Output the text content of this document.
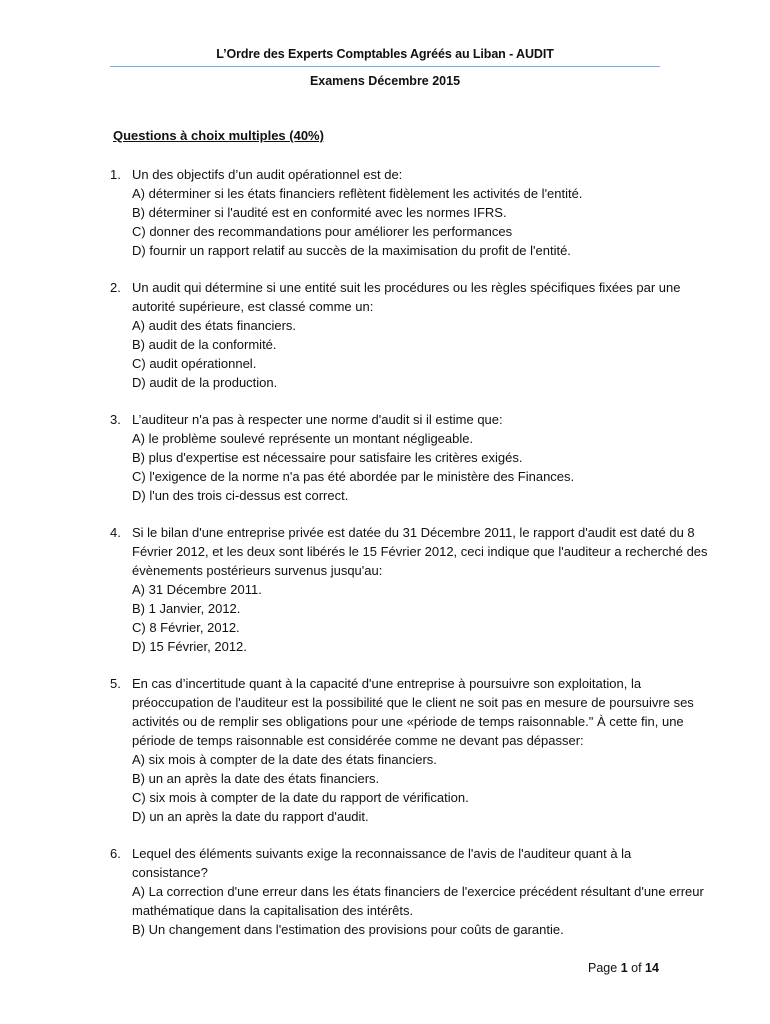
L’Ordre des Experts Comptables Agréés au Liban - AUDIT
Examens Décembre 2015
Questions à choix multiples (40%)
1. Un des objectifs d’un audit opérationnel est de:
A) déterminer si les états financiers reflètent fidèlement les activités de l'entité.
B) déterminer si l'audité est en conformité avec les normes IFRS.
C) donner des recommandations pour améliorer les performances
D) fournir un rapport relatif au succès de la maximisation du profit de l'entité.
2. Un audit qui détermine si une entité suit les procédures ou les règles spécifiques fixées par une autorité supérieure, est classé comme un:
A) audit des états financiers.
B) audit de la conformité.
C) audit opérationnel.
D) audit de la production.
3. L’auditeur n'a pas à respecter une norme d'audit si il estime que:
A) le problème soulevé représente un montant négligeable.
B) plus d'expertise est nécessaire pour satisfaire les critères exigés.
C) l'exigence de la norme n'a pas été abordée par le ministère des Finances.
D) l'un des trois ci-dessus est correct.
4. Si le bilan d'une entreprise privée est datée du 31 Décembre 2011, le rapport d'audit est daté du 8 Février 2012, et les deux sont libérés le 15 Février 2012, ceci indique que l'auditeur a recherché des évènements postérieurs survenus jusqu'au:
A) 31 Décembre 2011.
B) 1 Janvier, 2012.
C) 8 Février, 2012.
D) 15 Février, 2012.
5. En cas d’incertitude quant à la capacité d'une entreprise à poursuivre son exploitation, la préoccupation de l'auditeur est la possibilité que le client ne soit pas en mesure de poursuivre ses activités ou de remplir ses obligations pour une «période de temps raisonnable." À cette fin, une période de temps raisonnable est considérée comme ne devant pas dépasser:
A) six mois à compter de la date des états financiers.
B) un an après la date des états financiers.
C) six mois à compter de la date du rapport de vérification.
D) un an après la date du rapport d'audit.
6. Lequel des éléments suivants exige la reconnaissance de l'avis de l'auditeur quant à la consistance?
A) La correction d'une erreur dans les états financiers de l'exercice précédent résultant d'une erreur mathématique dans la capitalisation des intérêts.
B) Un changement dans l'estimation des provisions pour coûts de garantie.
Page 1 of 14
